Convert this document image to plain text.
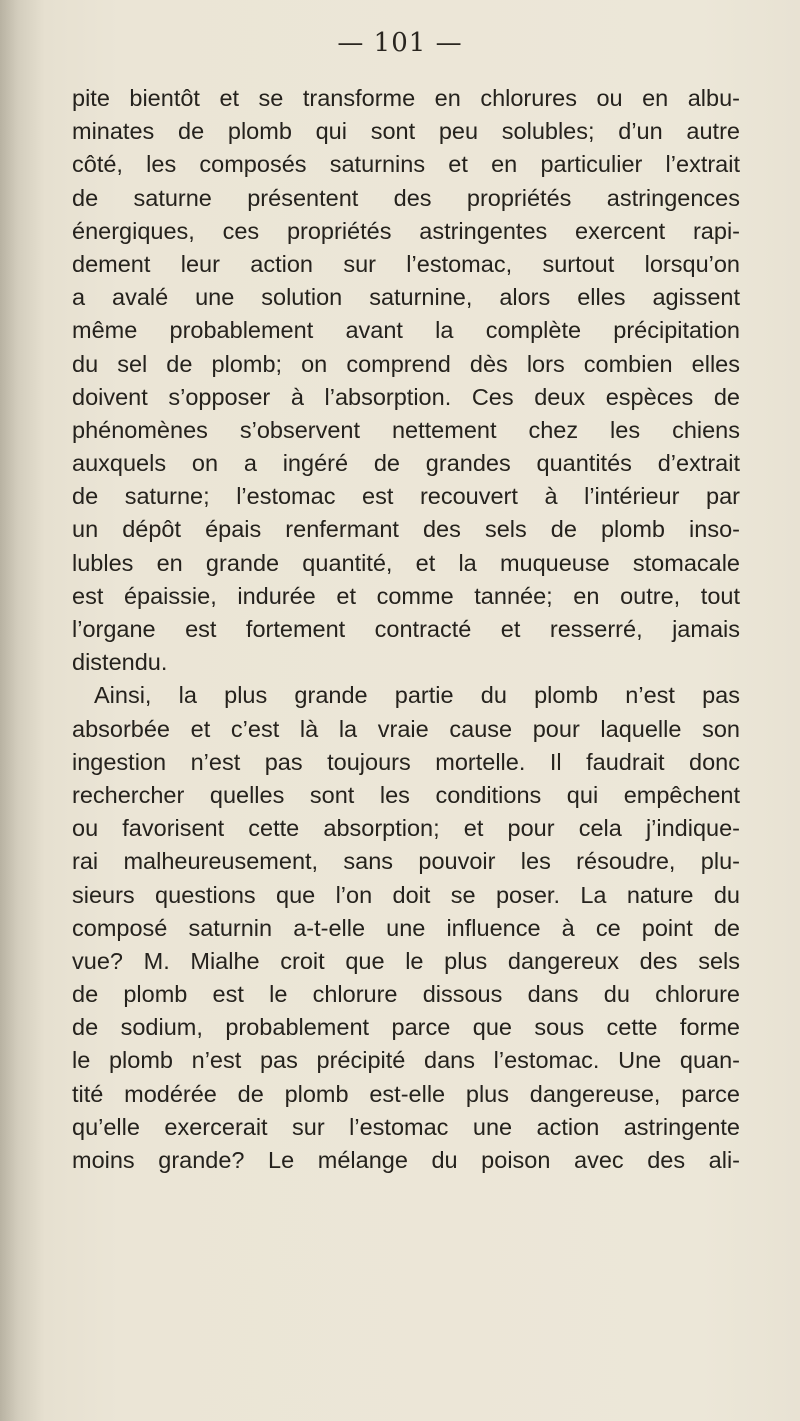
— 101 —
pite bientôt et se transforme en chlorures ou en albu-
minates de plomb qui sont peu solubles; d’un autre
côté, les composés saturnins et en particulier l’extrait
de saturne présentent des propriétés astringences
énergiques, ces propriétés astringentes exercent rapi-
dement leur action sur l’estomac, surtout lorsqu’on
a avalé une solution saturnine, alors elles agissent
même probablement avant la complète précipitation
du sel de plomb; on comprend dès lors combien elles
doivent s’opposer à l’absorption. Ces deux espèces de
phénomènes s’observent nettement chez les chiens
auxquels on a ingéré de grandes quantités d’extrait
de saturne; l’estomac est recouvert à l’intérieur par
un dépôt épais renfermant des sels de plomb inso-
lubles en grande quantité, et la muqueuse stomacale
est épaissie, indurée et comme tannée; en outre, tout
l’organe est fortement contracté et resserré, jamais
distendu.
Ainsi, la plus grande partie du plomb n’est pas
absorbée et c’est là la vraie cause pour laquelle son
ingestion n’est pas toujours mortelle. Il faudrait donc
rechercher quelles sont les conditions qui empêchent
ou favorisent cette absorption; et pour cela j’indique-
rai malheureusement, sans pouvoir les résoudre, plu-
sieurs questions que l’on doit se poser. La nature du
composé saturnin a-t-elle une influence à ce point de
vue? M. Mialhe croit que le plus dangereux des sels
de plomb est le chlorure dissous dans du chlorure
de sodium, probablement parce que sous cette forme
le plomb n’est pas précipité dans l’estomac. Une quan-
tité modérée de plomb est-elle plus dangereuse, parce
qu’elle exercerait sur l’estomac une action astringente
moins grande? Le mélange du poison avec des ali-
